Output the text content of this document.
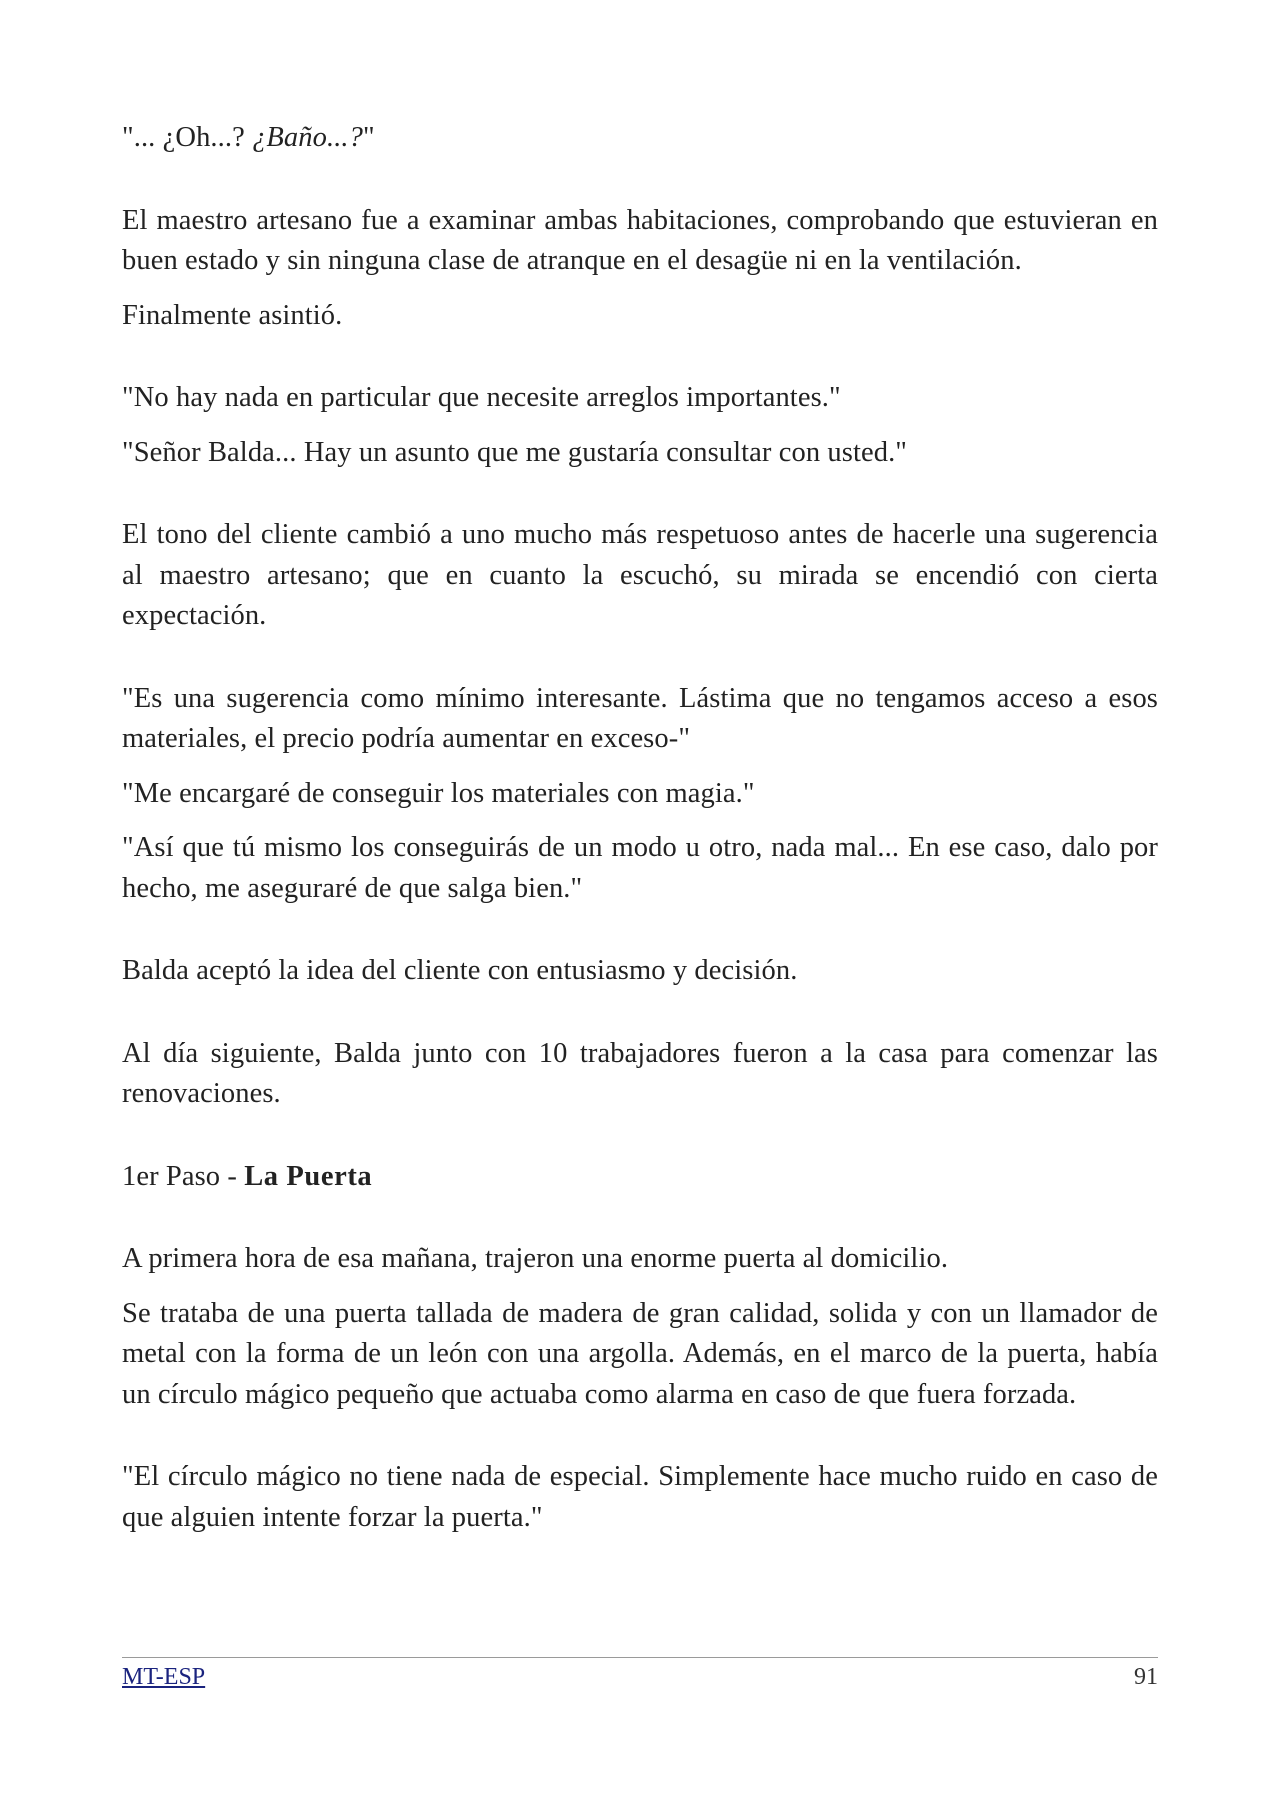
"... ¿Oh...? ¿Baño...?"

El maestro artesano fue a examinar ambas habitaciones, comprobando que estuvieran en buen estado y sin ninguna clase de atranque en el desagüe ni en la ventilación.

Finalmente asintió.

"No hay nada en particular que necesite arreglos importantes."

"Señor Balda... Hay un asunto que me gustaría consultar con usted."

El tono del cliente cambió a uno mucho más respetuoso antes de hacerle una sugerencia al maestro artesano; que en cuanto la escuchó, su mirada se encendió con cierta expectación.

"Es una sugerencia como mínimo interesante. Lástima que no tengamos acceso a esos materiales, el precio podría aumentar en exceso-"

"Me encargaré de conseguir los materiales con magia."

"Así que tú mismo los conseguirás de un modo u otro, nada mal... En ese caso, dalo por hecho, me aseguraré de que salga bien."

Balda aceptó la idea del cliente con entusiasmo y decisión.

Al día siguiente, Balda junto con 10 trabajadores fueron a la casa para comenzar las renovaciones.

1er Paso - La Puerta

A primera hora de esa mañana, trajeron una enorme puerta al domicilio.

Se trataba de una puerta tallada de madera de gran calidad, solida y con un llamador de metal con la forma de un león con una argolla. Además, en el marco de la puerta, había un círculo mágico pequeño que actuaba como alarma en caso de que fuera forzada.

"El círculo mágico no tiene nada de especial. Simplemente hace mucho ruido en caso de que alguien intente forzar la puerta."

MT-ESP	91
